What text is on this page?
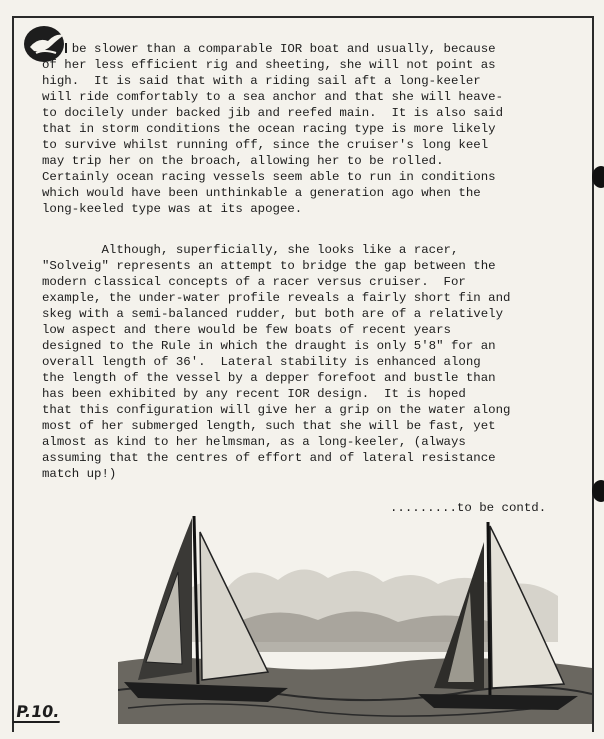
be slower than a comparable IOR boat and usually, because
of her less efficient rig and sheeting, she will not point as
high.  It is said that with a riding sail aft a long-keeler
will ride comfortably to a sea anchor and that she will heave-
to docilely under backed jib and reefed main.  It is also said
that in storm conditions the ocean racing type is more likely
to survive whilst running off, since the cruiser's long keel
may trip her on the broach, allowing her to be rolled.
Certainly ocean racing vessels seem able to run in conditions
which would have been unthinkable a generation ago when the
long-keeled type was at its apogee.
Although, superficially, she looks like a racer,
"Solveig" represents an attempt to bridge the gap between the
modern classical concepts of a racer versus cruiser.  For
example, the under-water profile reveals a fairly short fin and
skeg with a semi-balanced rudder, but both are of a relatively
low aspect and there would be few boats of recent years
designed to the Rule in which the draught is only 5'8" for an
overall length of 36'.  Lateral stability is enhanced along
the length of the vessel by a depper forefoot and bustle than
has been exhibited by any recent IOR design.  It is hoped
that this configuration will give her a grip on the water along
most of her submerged length, such that she will be fast, yet
almost as kind to her helmsman, as a long-keeler, (always
assuming that the centres of effort and of lateral resistance
match up!)
.........to be contd.
P.10.
